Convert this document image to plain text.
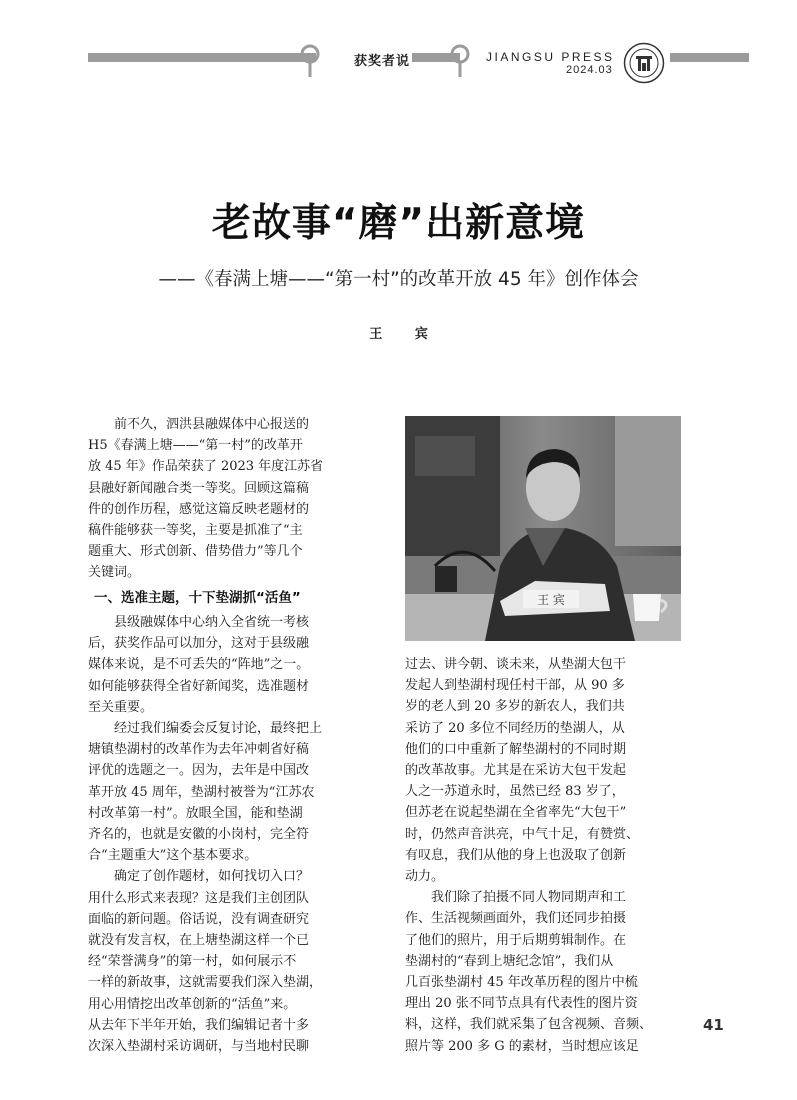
获奖者说	JIANGSU PRESS
2024.03
老故事“磨”出新意境
——《春满上塘——“第一村”的改革开放 45 年》创作体会
王 宾
前不久，泗洪县融媒体中心报送的
H5《春满上塘——“第一村”的改革开
放 45 年》作品荣获了 2023 年度江苏省
县融好新闻融合类一等奖。回顾这篇稿
件的创作历程，感觉这篇反映老题材的
稿件能够获一等奖，主要是抓准了“主
题重大、形式创新、借势借力”等几个
关键词。
一、选准主题，十下垫湖抓“活鱼”
县级融媒体中心纳入全省统一考核
后，获奖作品可以加分，这对于县级融
媒体来说，是不可丢失的“阵地”之一。
如何能够获得全省好新闻奖，选准题材
至关重要。
经过我们编委会反复讨论，最终把上
塘镇垫湖村的改革作为去年冲刺省好稿
评优的选题之一。因为，去年是中国改
革开放 45 周年，垫湖村被誉为“江苏农
村改革第一村”。放眼全国，能和垫湖
齐名的，也就是安徽的小岗村，完全符
合“主题重大”这个基本要求。
确定了创作题材，如何找切入口？
用什么形式来表现？这是我们主创团队
面临的新问题。俗话说，没有调查研究
就没有发言权，在上塘垫湖这样一个已
经“荣誉满身”的第一村，如何展示不
一样的新故事，这就需要我们深入垫湖，
用心用情挖出改革创新的“活鱼”来。
从去年下半年开始，我们编辑记者十多
次深入垫湖村采访调研，与当地村民聊
王 宾
过去、讲今朝、谈未来，从垫湖大包干
发起人到垫湖村现任村干部，从 90 多
岁的老人到 20 多岁的新农人，我们共
采访了 20 多位不同经历的垫湖人，从
他们的口中重新了解垫湖村的不同时期
的改革故事。尤其是在采访大包干发起
人之一苏道永时，虽然已经 83 岁了，
但苏老在说起垫湖在全省率先“大包干”
时，仍然声音洪亮，中气十足，有赞赏、
有叹息，我们从他的身上也汲取了创新
动力。
我们除了拍摄不同人物同期声和工
作、生活视频画面外，我们还同步拍摄
了他们的照片，用于后期剪辑制作。在
垫湖村的“春到上塘纪念馆”，我们从
几百张垫湖村 45 年改革历程的图片中梳
理出 20 张不同节点具有代表性的图片资
料，这样，我们就采集了包含视频、音频、
照片等 200 多 G 的素材，当时想应该足
41
